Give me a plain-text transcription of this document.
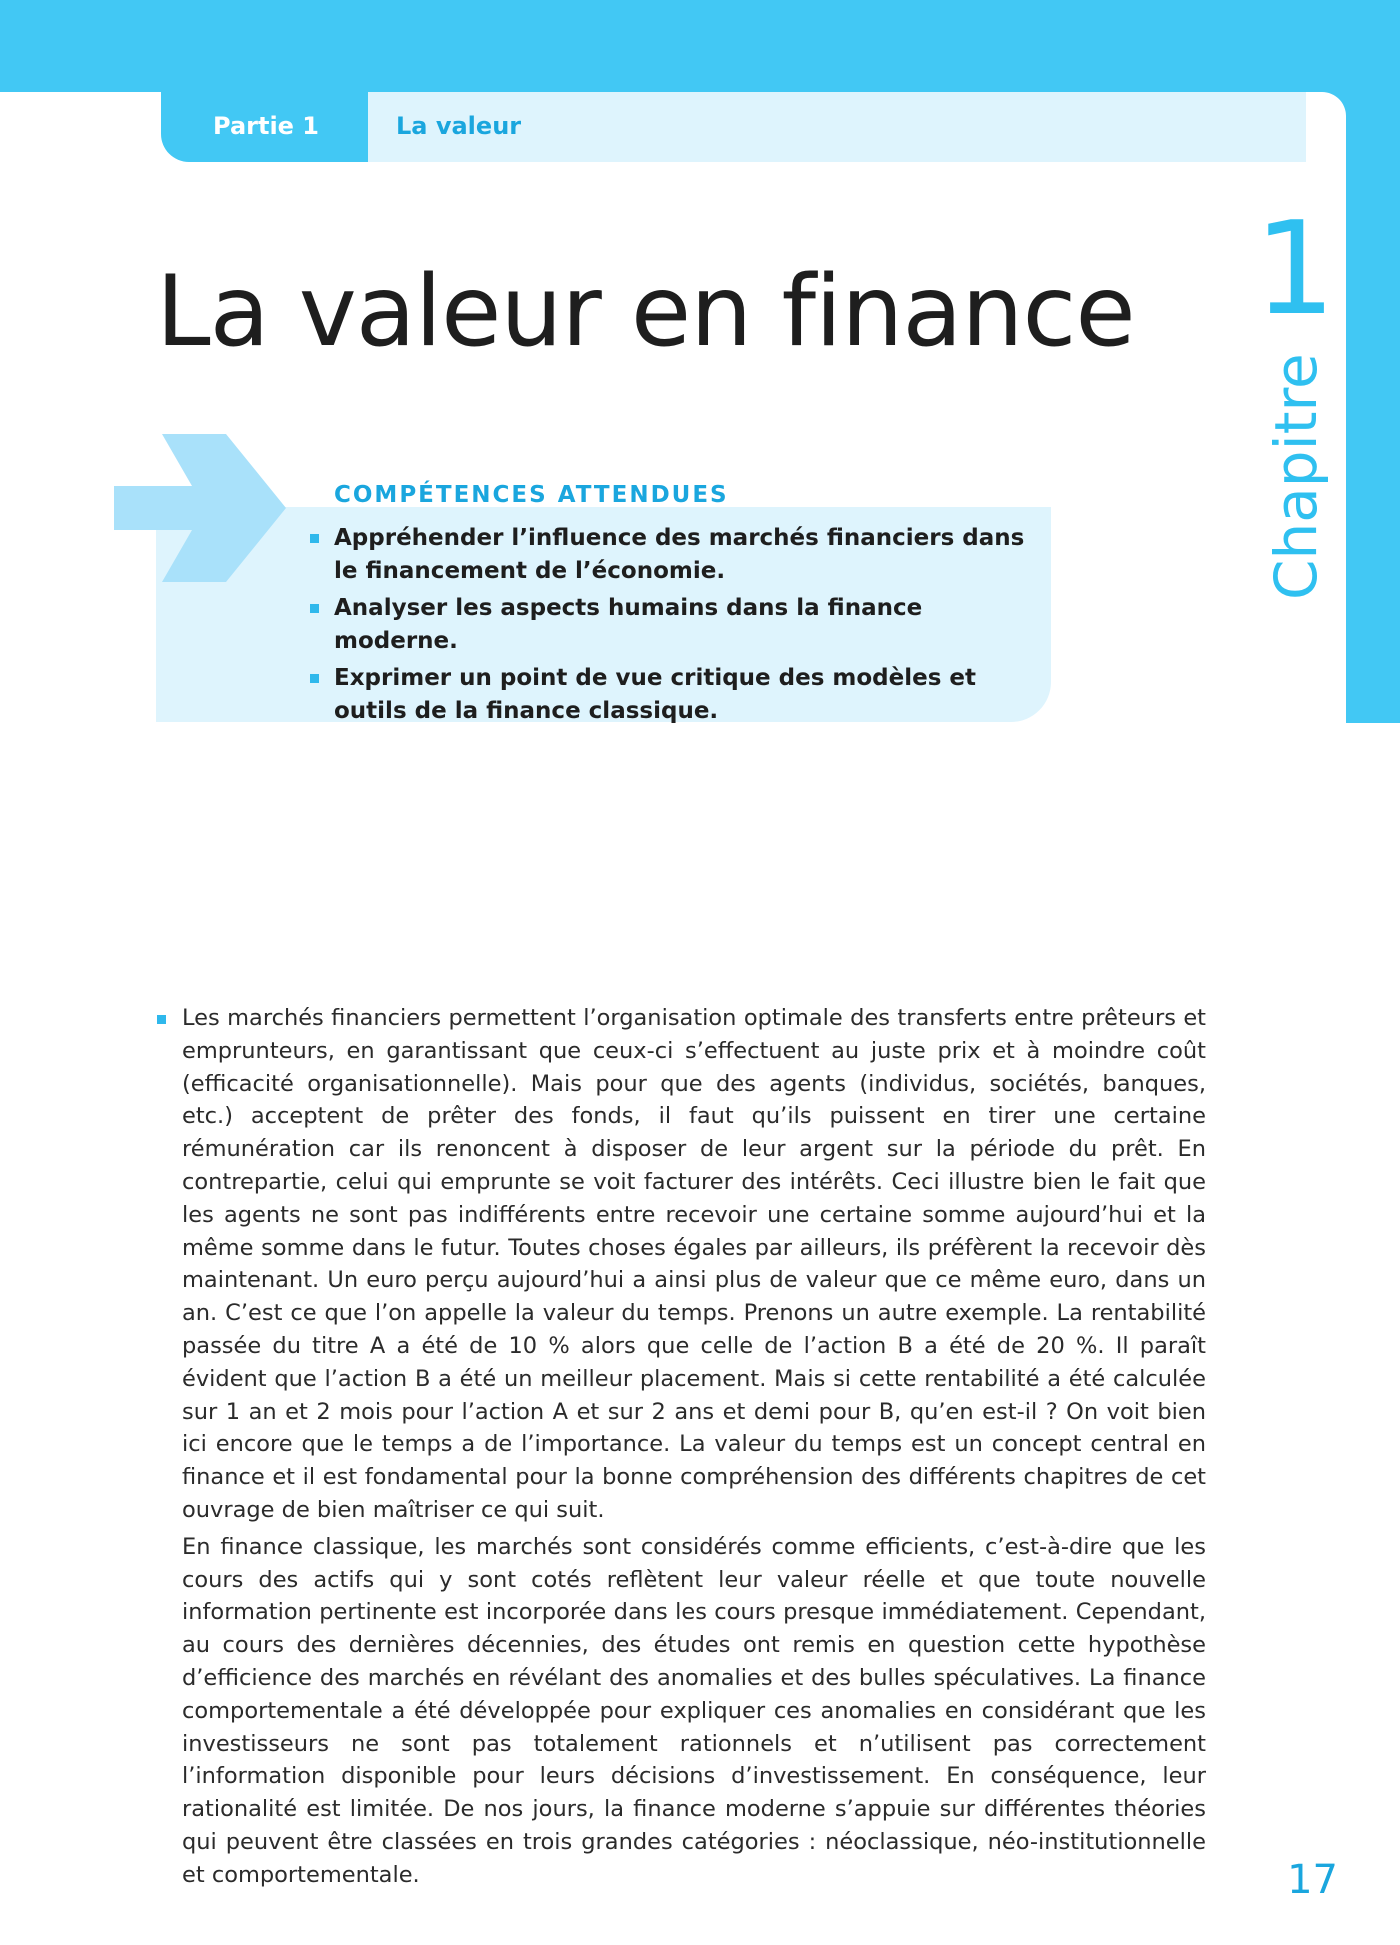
Partie 1	La valeur
1
Chapitre
La valeur en finance
COMPÉTENCES ATTENDUES
Appréhender l’influence des marchés financiers dans le financement de l’économie.
Analyser les aspects humains dans la finance moderne.
Exprimer un point de vue critique des modèles et outils de la finance classique.

Les marchés financiers permettent l’organisation optimale des transferts entre prêteurs et emprunteurs, en garantissant que ceux-ci s’effectuent au juste prix et à moindre coût (efficacité organisationnelle). Mais pour que des agents (individus, sociétés, banques, etc.) acceptent de prêter des fonds, il faut qu’ils puissent en tirer une certaine rémunération car ils renoncent à disposer de leur argent sur la période du prêt. En contrepartie, celui qui emprunte se voit facturer des intérêts. Ceci illustre bien le fait que les agents ne sont pas indifférents entre recevoir une certaine somme aujourd’hui et la même somme dans le futur. Toutes choses égales par ailleurs, ils préfèrent la recevoir dès maintenant. Un euro perçu aujourd’hui a ainsi plus de valeur que ce même euro, dans un an. C’est ce que l’on appelle la valeur du temps. Prenons un autre exemple. La rentabilité passée du titre A a été de 10 % alors que celle de l’action B a été de 20 %. Il paraît évident que l’action B a été un meilleur placement. Mais si cette rentabilité a été calculée sur 1 an et 2 mois pour l’action A et sur 2 ans et demi pour B, qu’en est-il ? On voit bien ici encore que le temps a de l’importance. La valeur du temps est un concept central en finance et il est fondamental pour la bonne compréhension des différents chapitres de cet ouvrage de bien maîtriser ce qui suit.

En finance classique, les marchés sont considérés comme efficients, c’est-à-dire que les cours des actifs qui y sont cotés reflètent leur valeur réelle et que toute nouvelle information pertinente est incorporée dans les cours presque immédiatement. Cependant, au cours des dernières décennies, des études ont remis en question cette hypothèse d’efficience des marchés en révélant des anomalies et des bulles spéculatives. La finance comportementale a été développée pour expliquer ces anomalies en considérant que les investisseurs ne sont pas totalement rationnels et n’utilisent pas correctement l’information disponible pour leurs décisions d’investissement. En conséquence, leur rationalité est limitée. De nos jours, la finance moderne s’appuie sur différentes théories qui peuvent être classées en trois grandes catégories : néoclassique, néo-institutionnelle et comportementale.	17
